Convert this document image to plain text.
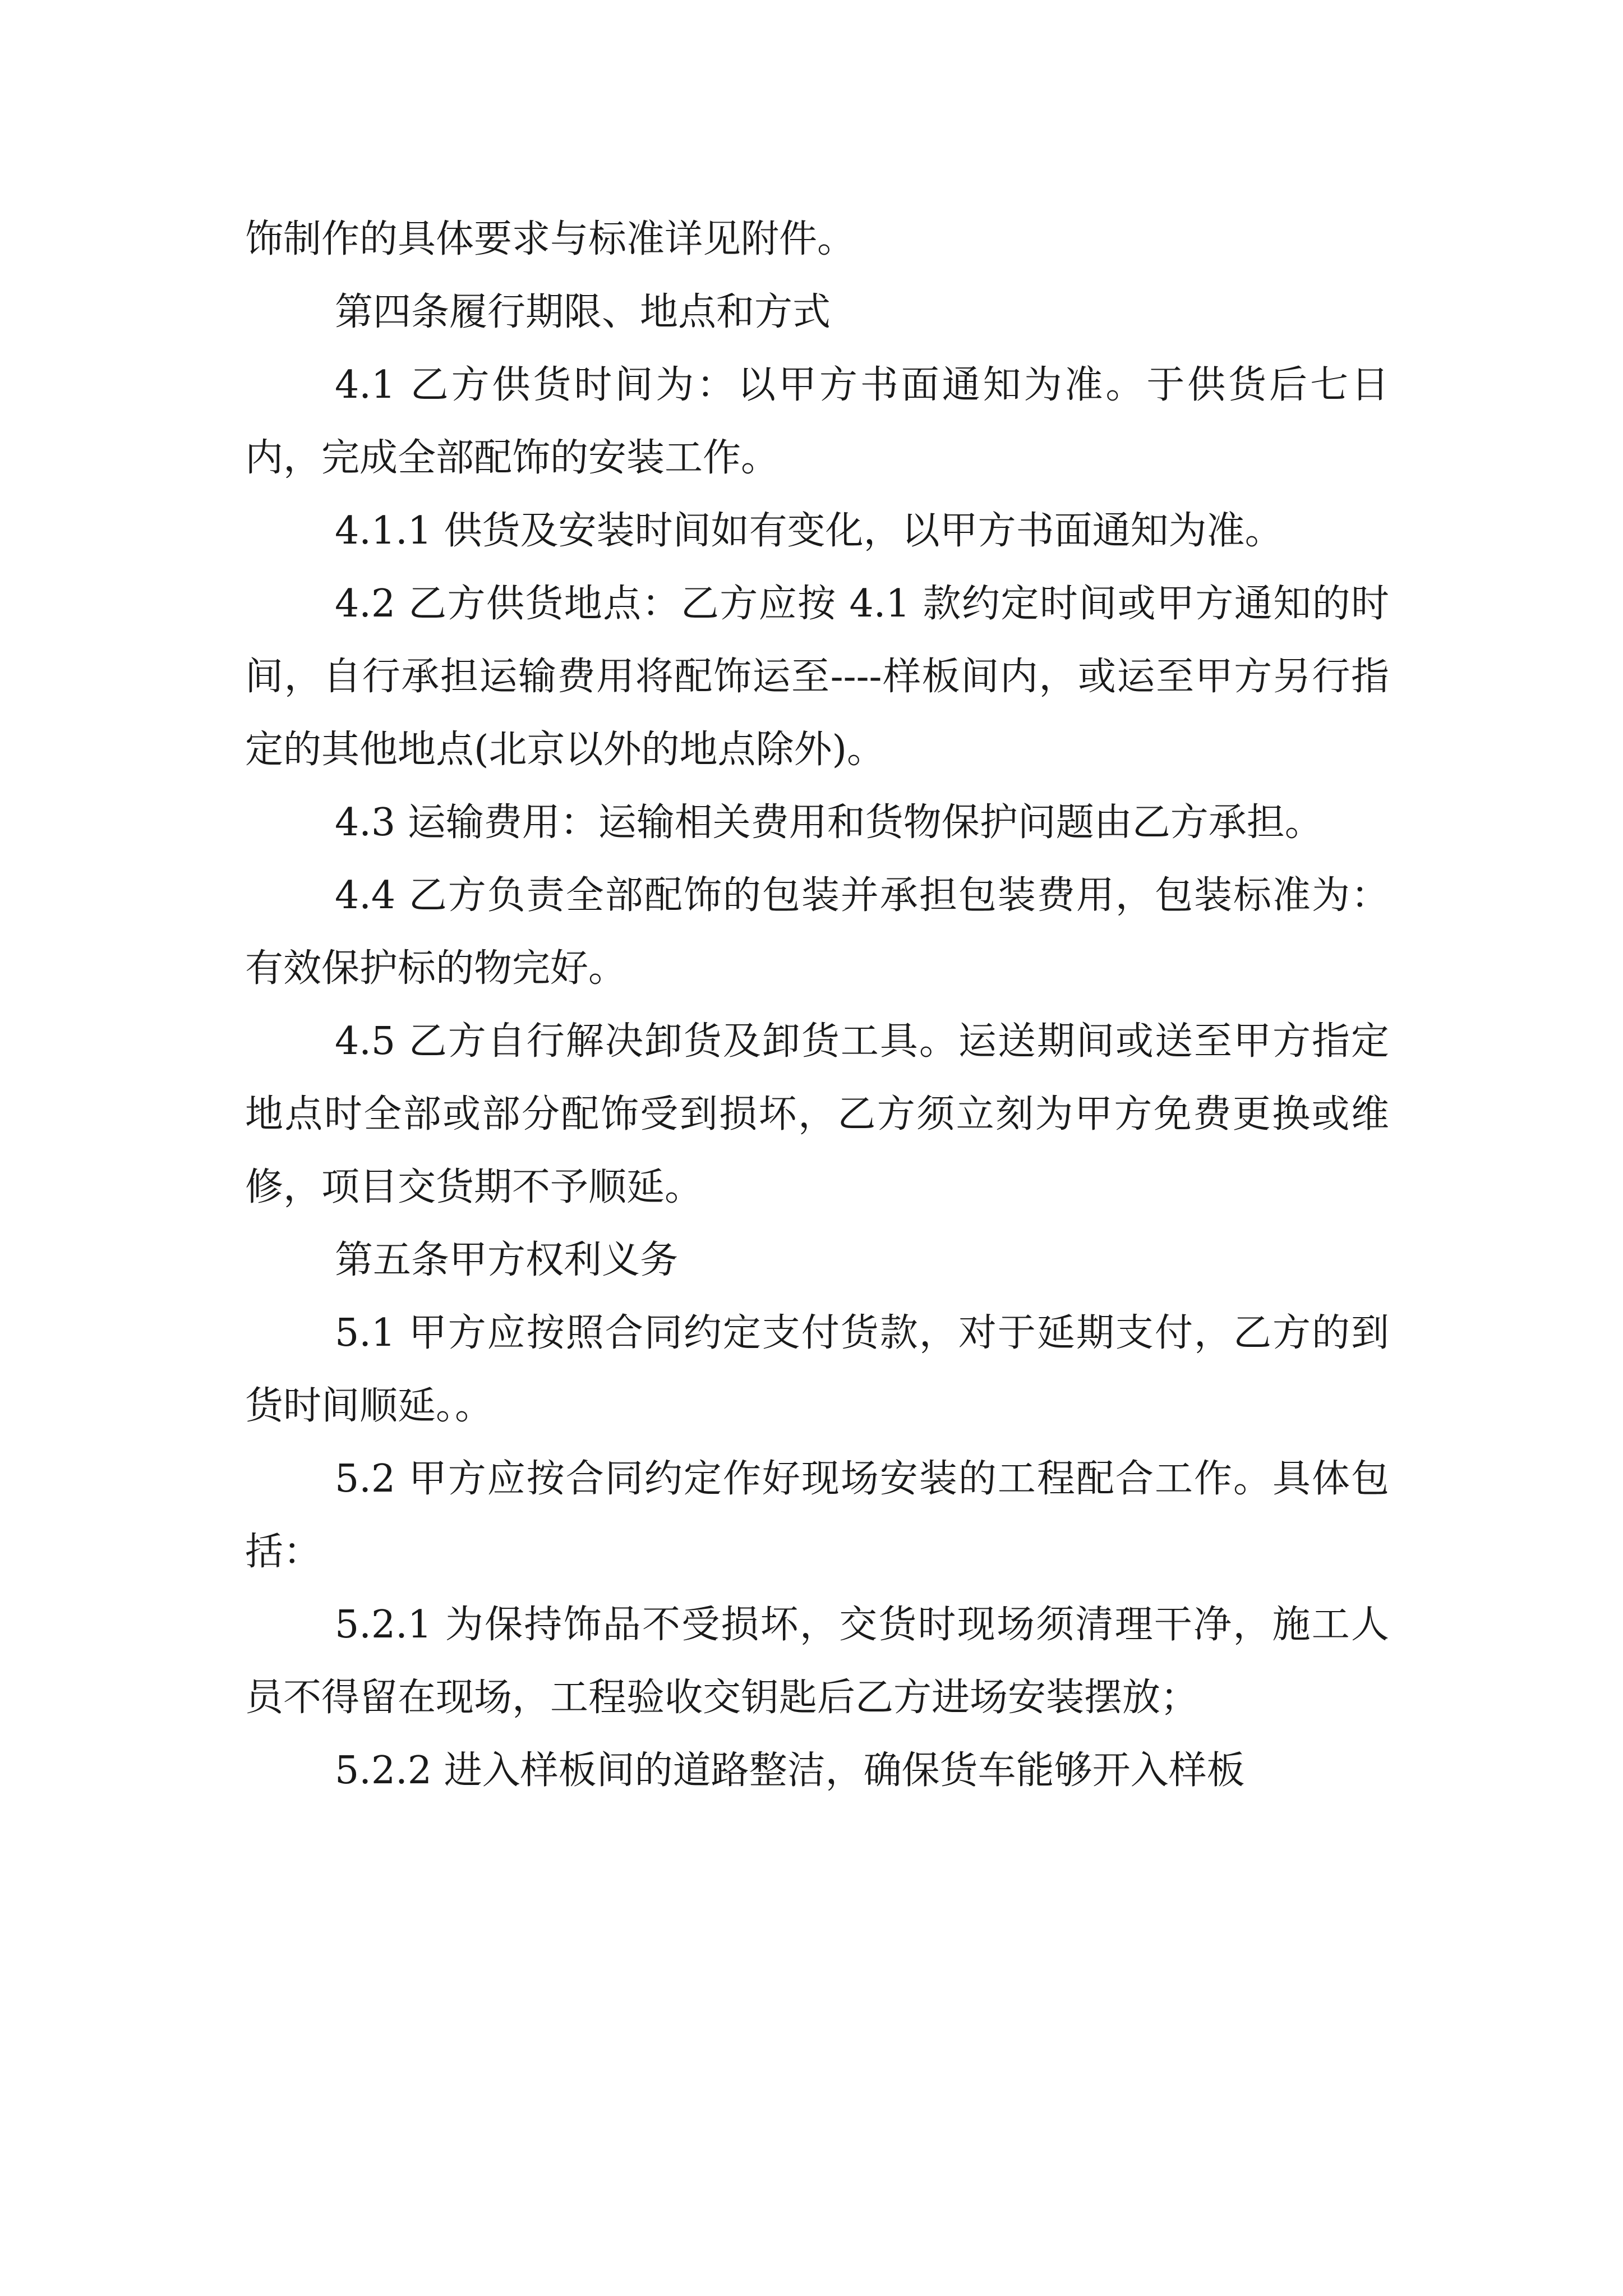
饰制作的具体要求与标准详见附件。

第四条履行期限、地点和方式

4.1 乙方供货时间为：以甲方书面通知为准。于供货后七日内，完成全部配饰的安装工作。

4.1.1 供货及安装时间如有变化，以甲方书面通知为准。

4.2 乙方供货地点：乙方应按 4.1 款约定时间或甲方通知的时间，自行承担运输费用将配饰运至----样板间内，或运至甲方另行指定的其他地点(北京以外的地点除外)。

4.3 运输费用：运输相关费用和货物保护问题由乙方承担。

4.4 乙方负责全部配饰的包装并承担包装费用，包装标准为：有效保护标的物完好。

4.5 乙方自行解决卸货及卸货工具。运送期间或送至甲方指定地点时全部或部分配饰受到损坏，乙方须立刻为甲方免费更换或维修，项目交货期不予顺延。

第五条甲方权利义务

5.1 甲方应按照合同约定支付货款，对于延期支付，乙方的到货时间顺延。。

5.2 甲方应按合同约定作好现场安装的工程配合工作。具体包括：

5.2.1 为保持饰品不受损坏，交货时现场须清理干净，施工人员不得留在现场，工程验收交钥匙后乙方进场安装摆放；

5.2.2 进入样板间的道路整洁，确保货车能够开入样板
